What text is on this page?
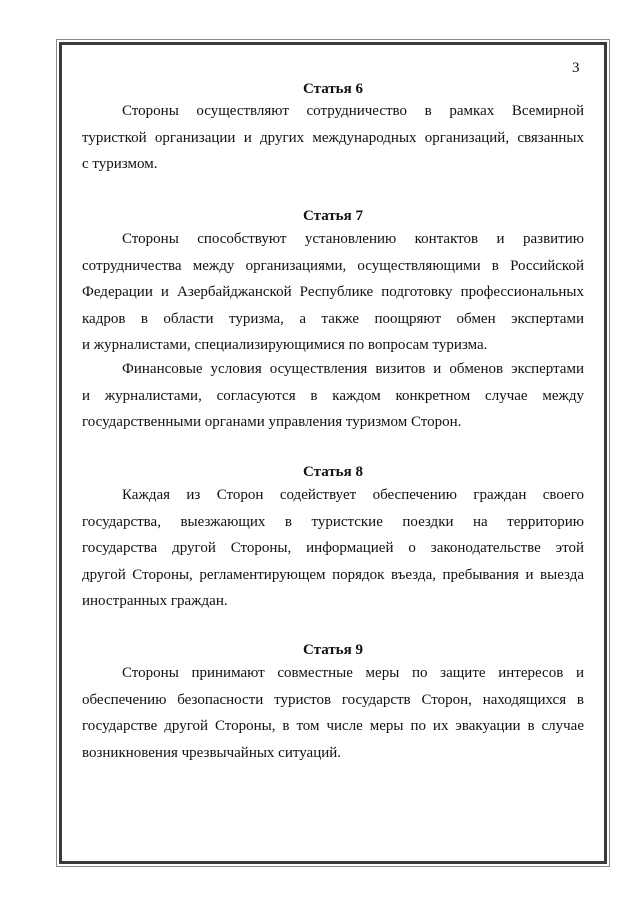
3
Статья 6
Стороны осуществляют сотрудничество в рамках Всемирной
туристкой организации и других международных организаций, связанных
с туризмом.
Статья 7
Стороны способствуют установлению контактов и развитию
сотрудничества между организациями, осуществляющими в Российской
Федерации и Азербайджанской Республике подготовку профессиональных
кадров в области туризма, а также поощряют обмен экспертами
и журналистами, специализирующимися по вопросам туризма.
Финансовые условия осуществления визитов и обменов экспертами
и журналистами, согласуются в каждом конкретном случае между
государственными органами управления туризмом Сторон.
Статья 8
Каждая из Сторон содействует обеспечению граждан своего
государства, выезжающих в туристские поездки на территорию
государства другой Стороны, информацией о законодательстве этой
другой Стороны, регламентирующем порядок въезда, пребывания и выезда
иностранных граждан.
Статья 9
Стороны принимают совместные меры по защите интересов и
обеспечению безопасности туристов государств Сторон, находящихся в
государстве другой Стороны, в том числе меры по их эвакуации в случае
возникновения чрезвычайных ситуаций.
